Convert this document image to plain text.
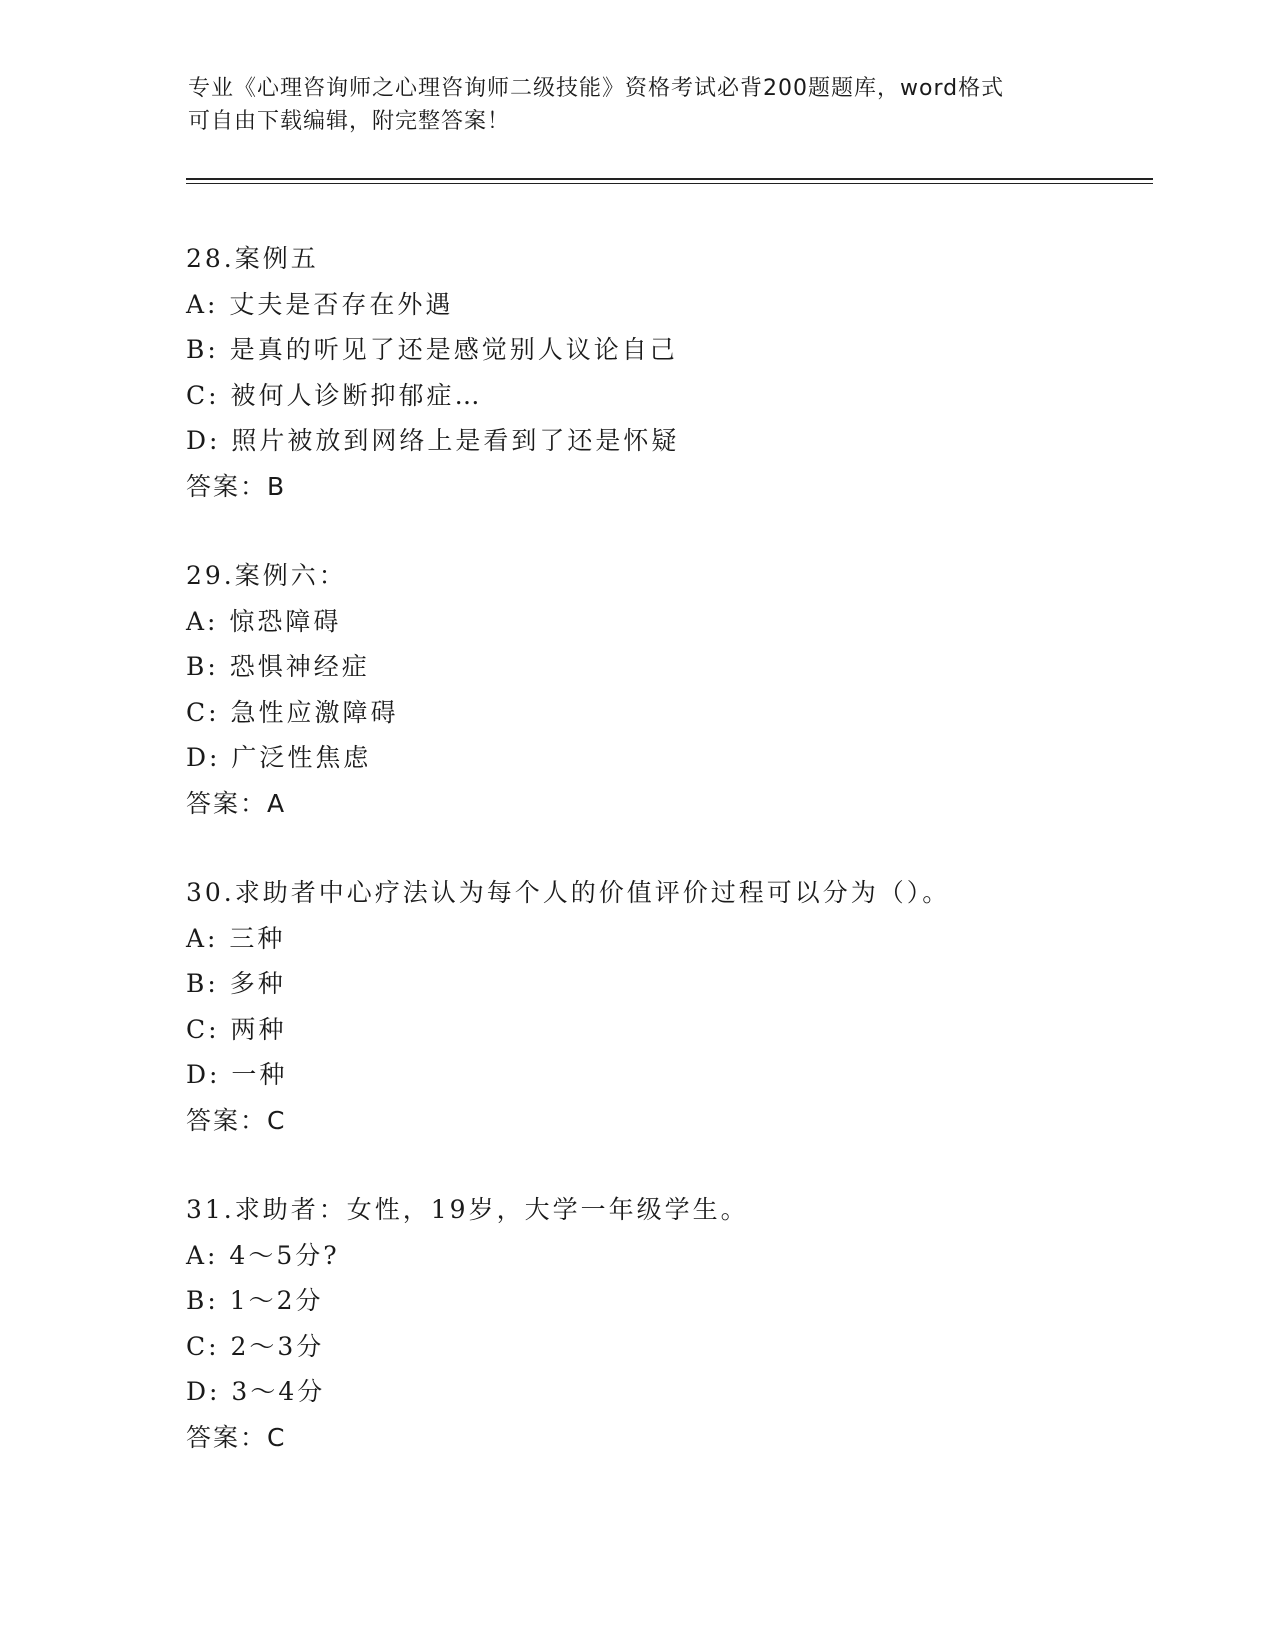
专业《心理咨询师之心理咨询师二级技能》资格考试必背200题题库，word格式
可自由下载编辑，附完整答案！
28.案例五
A: 丈夫是否存在外遇
B: 是真的听见了还是感觉别人议论自己
C: 被何人诊断抑郁症…
D: 照片被放到网络上是看到了还是怀疑
答案：B
29.案例六：
A: 惊恐障碍
B: 恐惧神经症
C: 急性应激障碍
D: 广泛性焦虑
答案：A
30.求助者中心疗法认为每个人的价值评价过程可以分为（）。
A: 三种
B: 多种
C: 两种
D: 一种
答案：C
31.求助者：女性，19岁，大学一年级学生。
A: 4～5分?
B: 1～2分
C: 2～3分
D: 3～4分
答案：C
